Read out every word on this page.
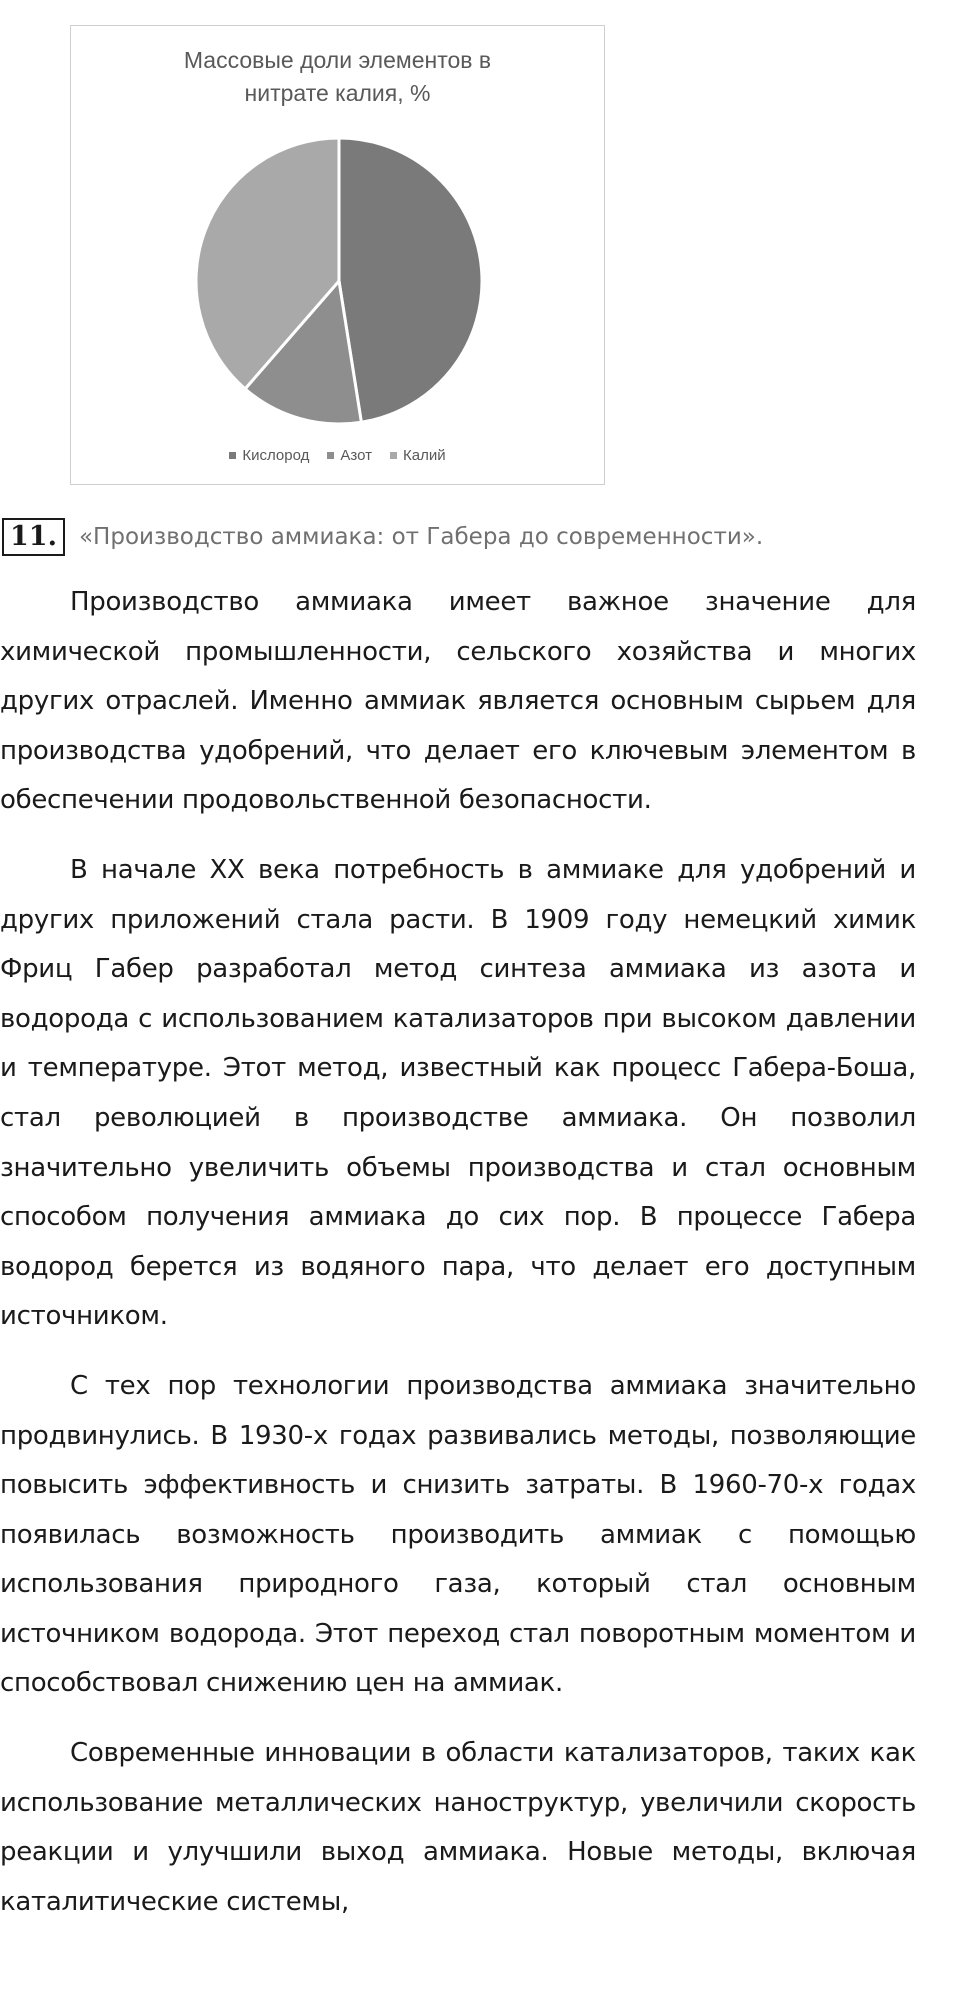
Массовые доли элементов в
нитрате калия, %
Кислород Азот Калий
11. «Производство аммиака: от Габера до современности».

Производство аммиака имеет важное значение для химической промышленности, сельского хозяйства и многих других отраслей. Именно аммиак является основным сырьем для производства удобрений, что делает его ключевым элементом в обеспечении продовольственной безопасности.

В начале XX века потребность в аммиаке для удобрений и других приложений стала расти. В 1909 году немецкий химик Фриц Габер разработал метод синтеза аммиака из азота и водорода с использованием катализаторов при высоком давлении и температуре. Этот метод, известный как процесс Габера-Боша, стал революцией в производстве аммиака. Он позволил значительно увеличить объемы производства и стал основным способом получения аммиака до сих пор. В процессе Габера водород берется из водяного пара, что делает его доступным источником.

С тех пор технологии производства аммиака значительно продвинулись. В 1930-х годах развивались методы, позволяющие повысить эффективность и снизить затраты. В 1960-70-х годах появилась возможность производить аммиак с помощью использования природного газа, который стал основным источником водорода. Этот переход стал поворотным моментом и способствовал снижению цен на аммиак.

Современные инновации в области катализаторов, таких как использование металлических наноструктур, увеличили скорость реакции и улучшили выход аммиака. Новые методы, включая каталитические системы,
